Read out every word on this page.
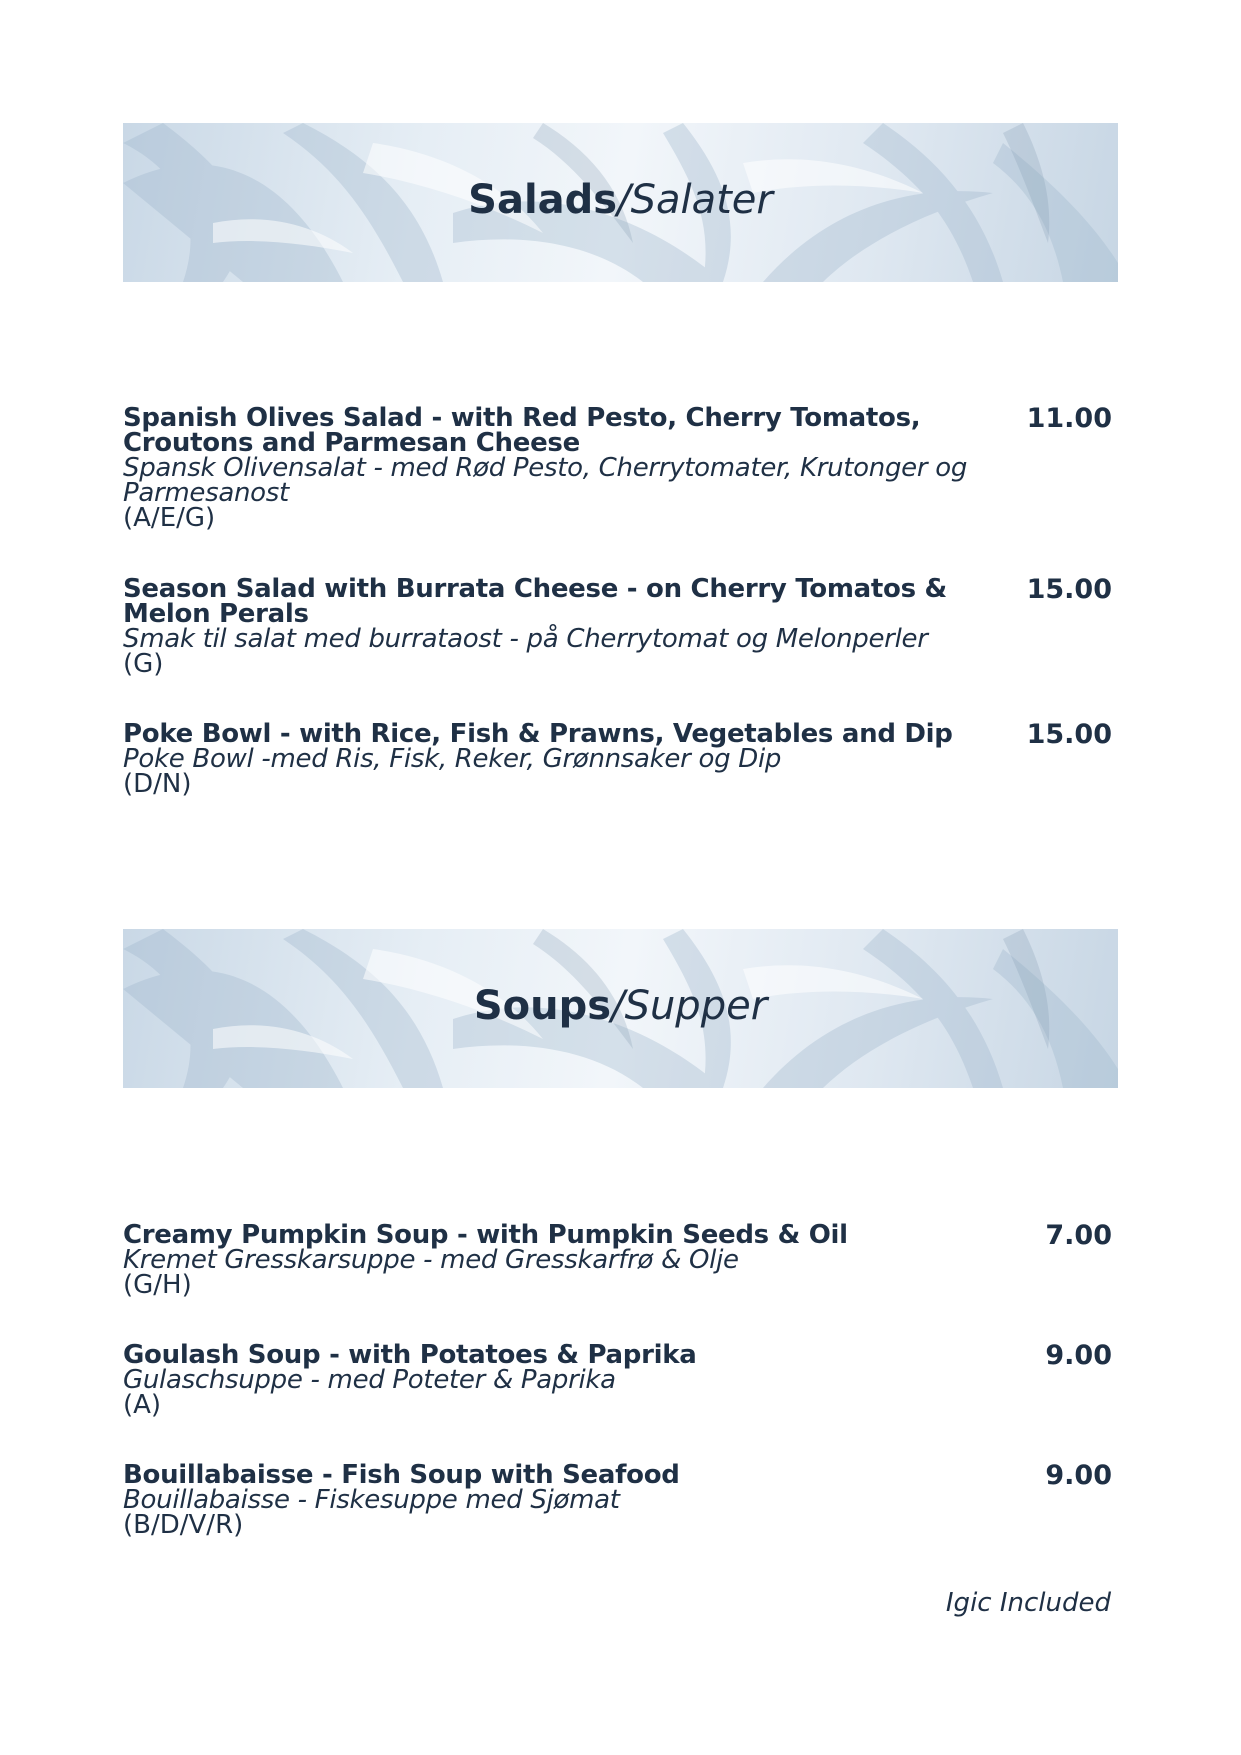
Salads/Salater
Spanish Olives Salad - with Red Pesto, Cherry Tomatos, Croutons and Parmesan Cheese
Spansk Olivensalat - med Rød Pesto, Cherrytomater, Krutonger og Parmesanost
(A/E/G)
11.00
Season Salad with Burrata Cheese - on Cherry Tomatos & Melon Perals
Smak til salat med burrataost - på Cherrytomat og Melonperler
(G)
15.00
Poke Bowl - with Rice, Fish & Prawns, Vegetables and Dip
Poke Bowl -med Ris, Fisk, Reker, Grønnsaker og Dip
(D/N)
15.00
Soups/Supper
Creamy Pumpkin Soup - with Pumpkin Seeds & Oil
Kremet Gresskarsuppe - med Gresskarfrø & Olje
(G/H)
7.00
Goulash Soup - with Potatoes & Paprika
Gulaschsuppe - med Poteter & Paprika
(A)
9.00
Bouillabaisse - Fish Soup with Seafood
Bouillabaisse - Fiskesuppe med Sjømat
(B/D/V/R)
9.00
Igic Included
